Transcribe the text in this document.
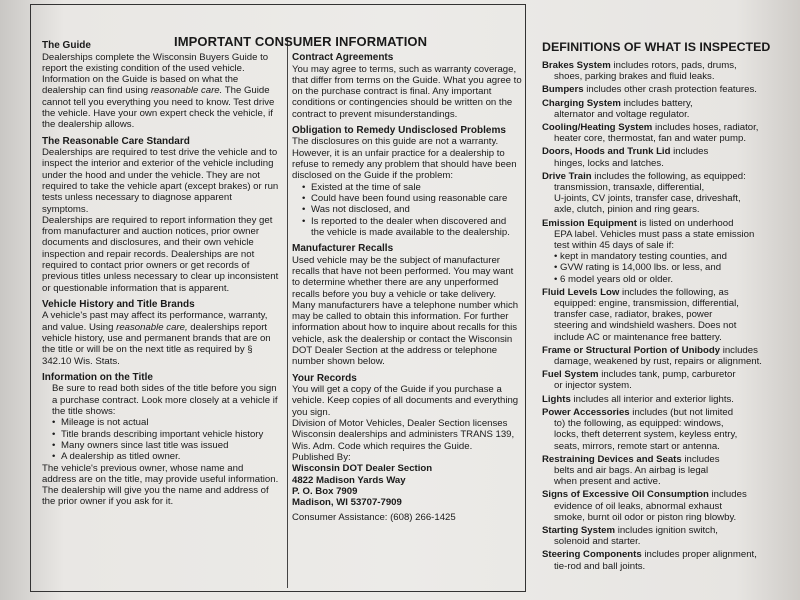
IMPORTANT CONSUMER INFORMATION
The Guide

Dealerships complete the Wisconsin Buyers Guide to report the existing condition of the used vehicle. Information on the Guide is based on what the dealership can find using reasonable care. The Guide cannot tell you everything you need to know. Test drive the vehicle. Have your own expert check the vehicle, if the dealership allows.

The Reasonable Care Standard

Dealerships are required to test drive the vehicle and to inspect the interior and exterior of the vehicle including under the hood and under the vehicle. They are not required to take the vehicle apart (except brakes) or run tests unless necessary to diagnose apparent symptoms.

Dealerships are required to report information they get from manufacturer and auction notices, prior owner documents and disclosures, and their own vehicle inspection and repair records. Dealerships are not required to contact prior owners or get records of previous titles unless necessary to clear up inconsistent or questionable information that is apparent.

Vehicle History and Title Brands

A vehicle's past may affect its performance, warranty, and value. Using reasonable care, dealerships report vehicle history, use and permanent brands that are on the title or will be on the next title as required by § 342.10 Wis. Stats.

Information on the Title

Be sure to read both sides of the title before you sign a purchase contract. Look more closely at a vehicle if the title shows:

• Mileage is not actual
• Title brands describing important vehicle history
• Many owners since last title was issued
• A dealership as titled owner.

The vehicle's previous owner, whose name and address are on the title, may provide useful information. The dealership will give you the name and address of the prior owner if you ask for it.

Contract Agreements

You may agree to terms, such as warranty coverage, that differ from terms on the Guide. What you agree to on the purchase contract is final. Any important conditions or contingencies should be written on the contract to prevent misunderstandings.

Obligation to Remedy Undisclosed Problems

The disclosures on this guide are not a warranty. However, it is an unfair practice for a dealership to refuse to remedy any problem that should have been disclosed on the Guide if the problem:

• Existed at the time of sale
• Could have been found using reasonable care
• Was not disclosed, and
• Is reported to the dealer when discovered and the vehicle is made available to the dealership.
Manufacturer Recalls

Used vehicle may be the subject of manufacturer recalls that have not been performed. You may want to determine whether there are any unperformed recalls before you buy a vehicle or take delivery. Many manufacturers have a telephone number which may be called to obtain this information. For further information about how to inquire about recalls for this vehicle, ask the dealership or contact the Wisconsin DOT Dealer Section at the address or telephone number shown below.

Your Records

You will get a copy of the Guide if you purchase a vehicle. Keep copies of all documents and everything you sign.

Division of Motor Vehicles, Dealer Section licenses Wisconsin dealerships and administers TRANS 139, Wis. Adm. Code which requires the Guide.

Published By:

Wisconsin DOT Dealer Section

4822 Madison Yards Way

P. O. Box 7909

Madison, WI 53707-7909

Consumer Assistance: (608) 266-1425

DEFINITIONS OF WHAT IS INSPECTED
Brakes System includes rotors, pads, drums,
shoes, parking brakes and fluid leaks.
Bumpers includes other crash protection features.
Charging System includes battery,
alternator and voltage regulator.
Cooling/Heating System includes hoses, radiator,
heater core, thermostat, fan and water pump.
Doors, Hoods and Trunk Lid includes
hinges, locks and latches.
Drive Train includes the following, as equipped:
transmission, transaxle, differential,
U-joints, CV joints, transfer case, driveshaft,
axle, clutch, pinion and ring gears.
Emission Equipment is listed on underhood
EPA label. Vehicles must pass a state emission
test within 45 days of sale if:
• kept in mandatory testing counties, and
• GVW rating is 14,000 lbs. or less, and
• 6 model years old or older.
Fluid Levels Low includes the following, as
equipped: engine, transmission, differential,
transfer case, radiator, brakes, power
steering and windshield washers. Does not
include AC or maintenance free battery.
Frame or Structural Portion of Unibody includes
damage, weakened by rust, repairs or alignment.
Fuel System includes tank, pump, carburetor
or injector system.
Lights includes all interior and exterior lights.
Power Accessories includes (but not limited
to) the following, as equipped: windows,
locks, theft deterrent system, keyless entry,
seats, mirrors, remote start or antenna.
Restraining Devices and Seats includes
belts and air bags. An airbag is legal
when present and active.
Signs of Excessive Oil Consumption includes
evidence of oil leaks, abnormal exhaust
smoke, burnt oil odor or piston ring blowby.
Starting System includes ignition switch,
solenoid and starter.
Steering Components includes proper alignment,
tie-rod and ball joints.
